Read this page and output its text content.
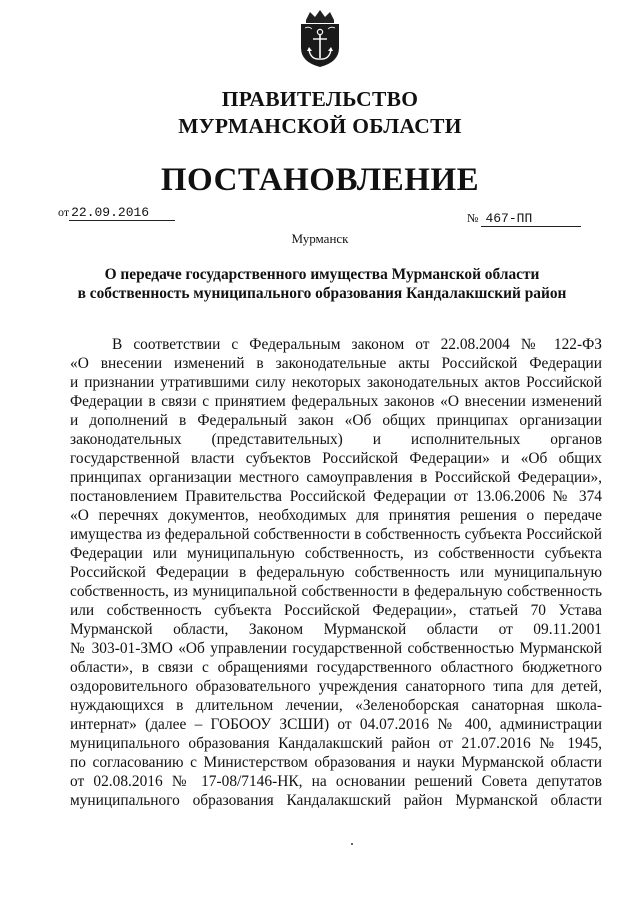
ПРАВИТЕЛЬСТВО
МУРМАНСКОЙ ОБЛАСТИ
ПОСТАНОВЛЕНИЕ
от 22.09.2016	№ 467-ПП
Мурманск
О передаче государственного имущества Мурманской области
в собственность муниципального образования Кандалакшский район
В соответствии с Федеральным законом от 22.08.2004 № 122-ФЗ
«О внесении изменений в законодательные акты Российской Федерации
и признании утратившими силу некоторых законодательных актов Российской
Федерации в связи с принятием федеральных законов «О внесении изменений
и дополнений в Федеральный закон «Об общих принципах организации
законодательных (представительных) и исполнительных органов
государственной власти субъектов Российской Федерации» и «Об общих
принципах организации местного самоуправления в Российской Федерации»,
постановлением Правительства Российской Федерации от 13.06.2006 № 374
«О перечнях документов, необходимых для принятия решения о передаче
имущества из федеральной собственности в собственность субъекта Российской
Федерации или муниципальную собственность, из собственности субъекта
Российской Федерации в федеральную собственность или муниципальную
собственность, из муниципальной собственности в федеральную собственность
или собственность субъекта Российской Федерации», статьей 70 Устава
Мурманской области, Законом Мурманской области от 09.11.2001
№ 303-01-ЗМО «Об управлении государственной собственностью Мурманской
области», в связи с обращениями государственного областного бюджетного
оздоровительного образовательного учреждения санаторного типа для детей,
нуждающихся в длительном лечении, «Зеленоборская санаторная школа-
интернат» (далее – ГОБООУ ЗСШИ) от 04.07.2016 № 400, администрации
муниципального образования Кандалакшский район от 21.07.2016 № 1945,
по согласованию с Министерством образования и науки Мурманской области
от 02.08.2016 № 17-08/7146-НК, на основании решений Совета депутатов
муниципального образования Кандалакшский район Мурманской области
